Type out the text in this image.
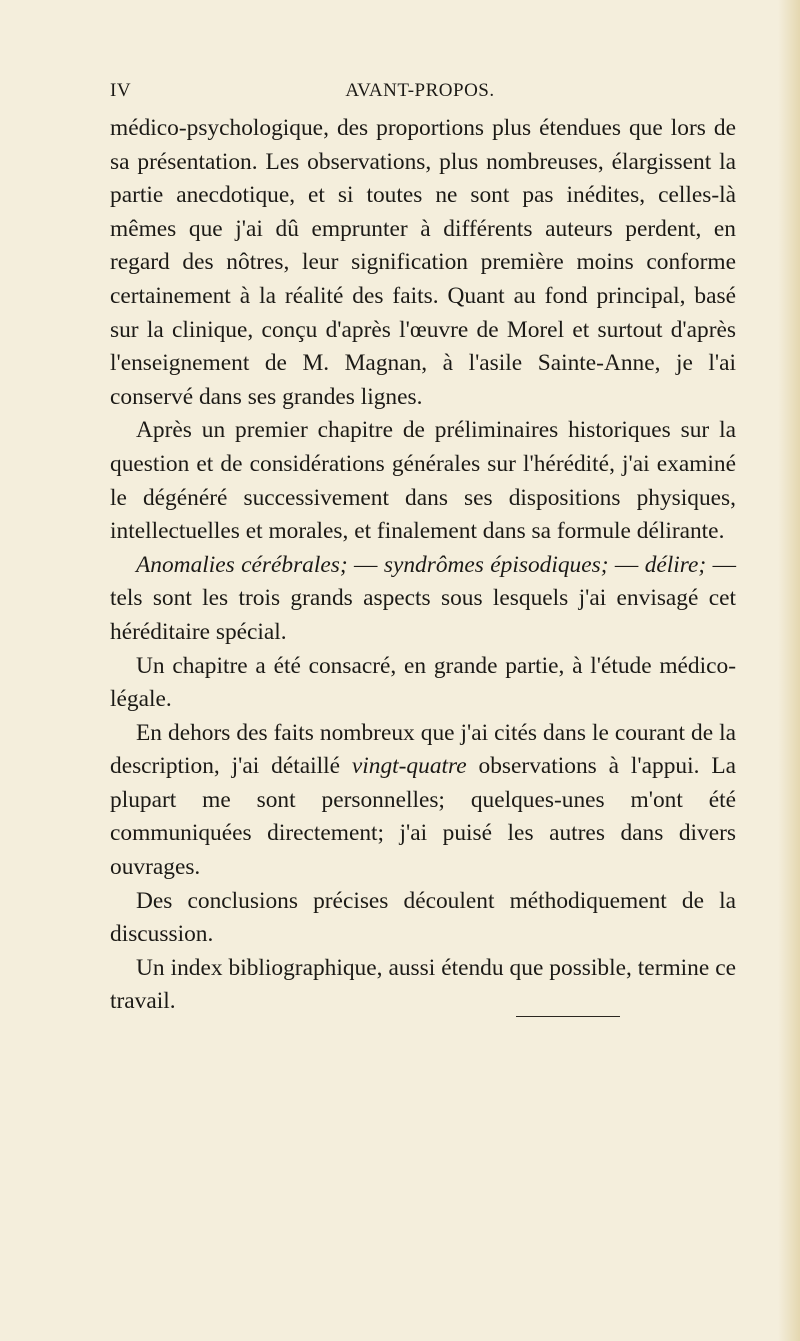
IV	AVANT-PROPOS.

médico-psychologique, des proportions plus étendues que lors de sa présentation. Les observations, plus nombreuses, élargissent la partie anecdotique, et si toutes ne sont pas inédites, celles-là mêmes que j'ai dû emprunter à différents auteurs perdent, en regard des nôtres, leur signification première moins conforme certainement à la réalité des faits. Quant au fond principal, basé sur la clinique, conçu d'après l'œuvre de Morel et surtout d'après l'enseignement de M. Magnan, à l'asile Sainte-Anne, je l'ai conservé dans ses grandes lignes.

Après un premier chapitre de préliminaires historiques sur la question et de considérations générales sur l'hérédité, j'ai examiné le dégénéré successivement dans ses dispositions physiques, intellectuelles et morales, et finalement dans sa formule délirante.

Anomalies cérébrales; — syndrômes épisodiques; — délire; — tels sont les trois grands aspects sous lesquels j'ai envisagé cet héréditaire spécial.

Un chapitre a été consacré, en grande partie, à l'étude médico-légale.

En dehors des faits nombreux que j'ai cités dans le courant de la description, j'ai détaillé vingt-quatre observations à l'appui. La plupart me sont personnelles; quelques-unes m'ont été communiquées directement; j'ai puisé les autres dans divers ouvrages.

Des conclusions précises découlent méthodiquement de la discussion.

Un index bibliographique, aussi étendu que possible, termine ce travail.
